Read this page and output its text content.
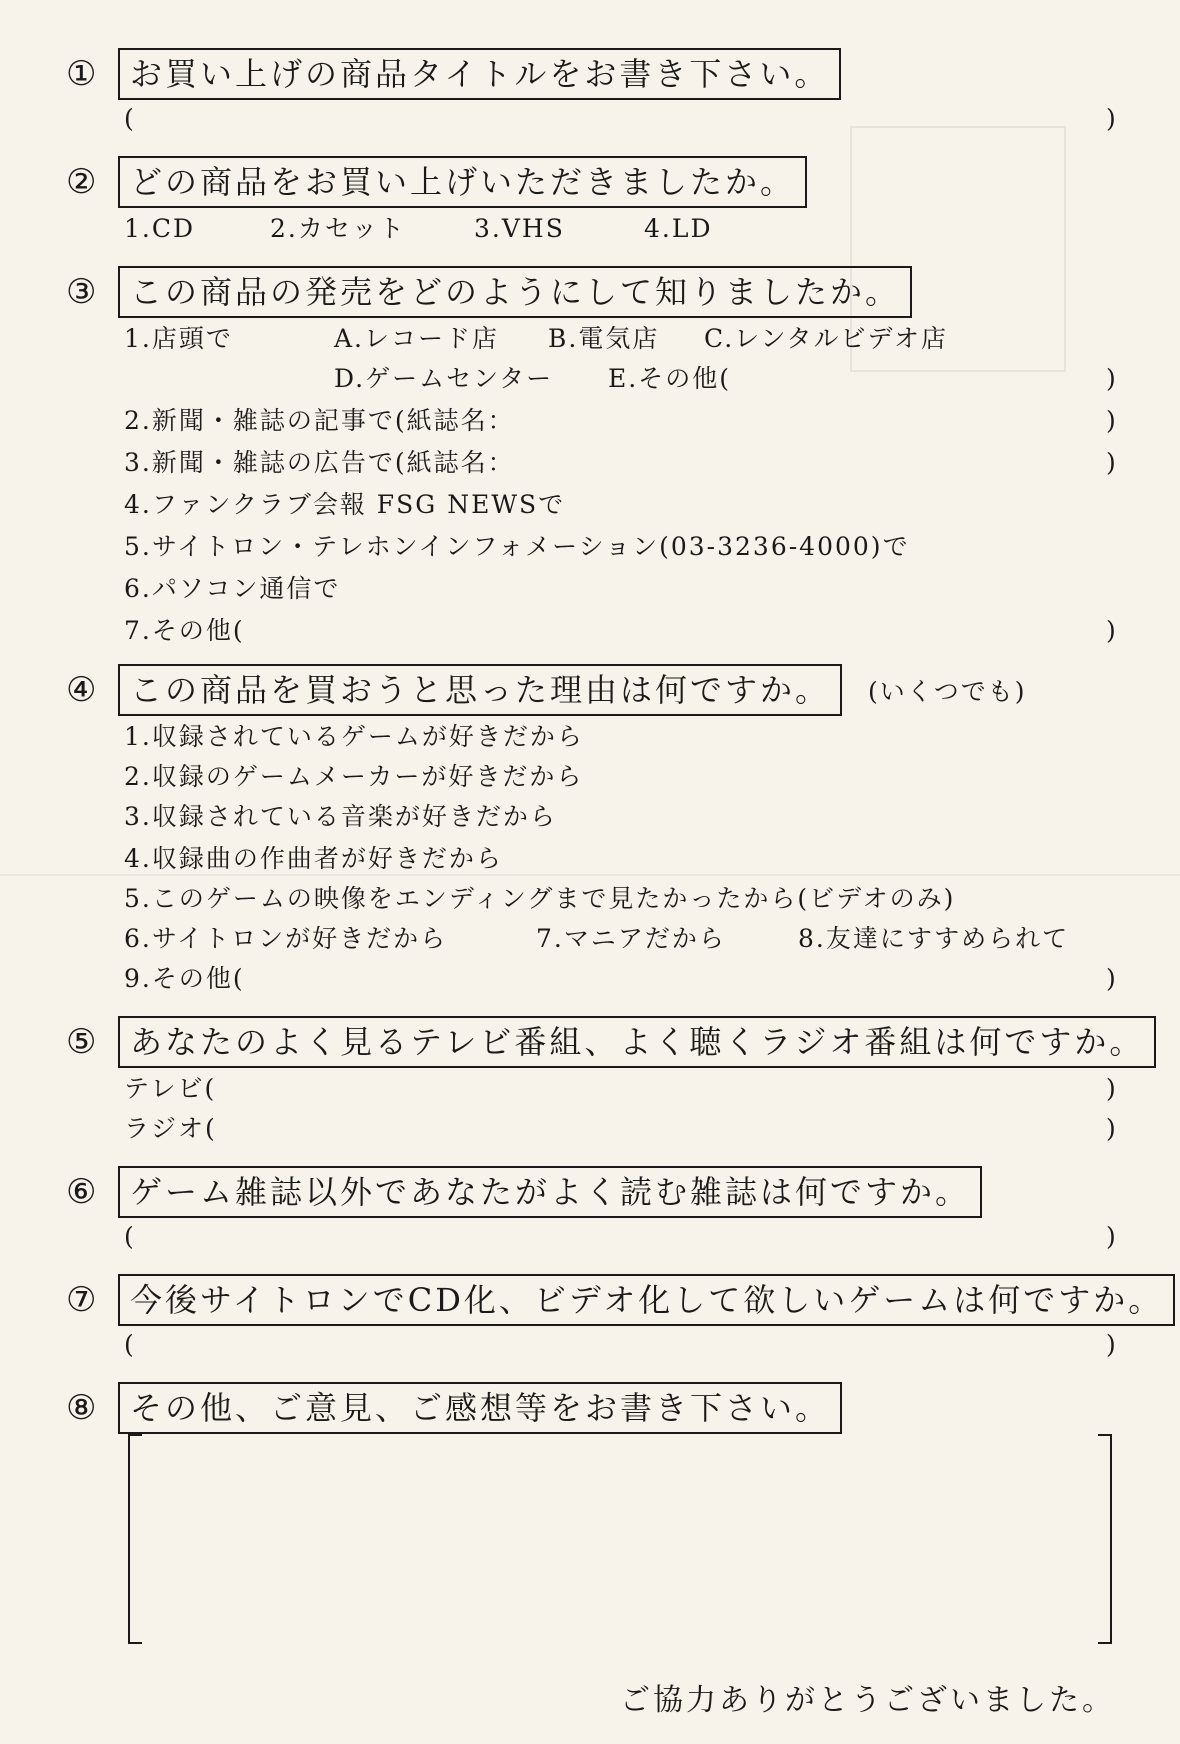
①	お買い上げの商品タイトルをお書き下さい。
(	)
②	どの商品をお買い上げいただきましたか。
1.CD	2.カセット	3.VHS	4.LD
③	この商品の発売をどのようにして知りましたか。
1.店頭で	A.レコード店 B.電気店 C.レンタルビデオ店
D.ゲームセンター E.その他(	)
2.新聞・雑誌の記事で(紙誌名：	)
3.新聞・雑誌の広告で(紙誌名：	)
4.ファンクラブ会報 FSG NEWSで
5.サイトロン・テレホンインフォメーション(03-3236-4000)で
6.パソコン通信で
7.その他(	)
④	この商品を買おうと思った理由は何ですか。	(いくつでも)
1.収録されているゲームが好きだから
2.収録のゲームメーカーが好きだから
3.収録されている音楽が好きだから
4.収録曲の作曲者が好きだから
5.このゲームの映像をエンディングまで見たかったから(ビデオのみ)
6.サイトロンが好きだから	7.マニアだから	8.友達にすすめられて
9.その他(	)
⑤	あなたのよく見るテレビ番組、よく聴くラジオ番組は何ですか。
テレビ(	)
ラジオ(	)
⑥	ゲーム雑誌以外であなたがよく読む雑誌は何ですか。
(	)
⑦	今後サイトロンでCD化、ビデオ化して欲しいゲームは何ですか。
(	)
⑧	その他、ご意見、ご感想等をお書き下さい。
ご協力ありがとうございました。
